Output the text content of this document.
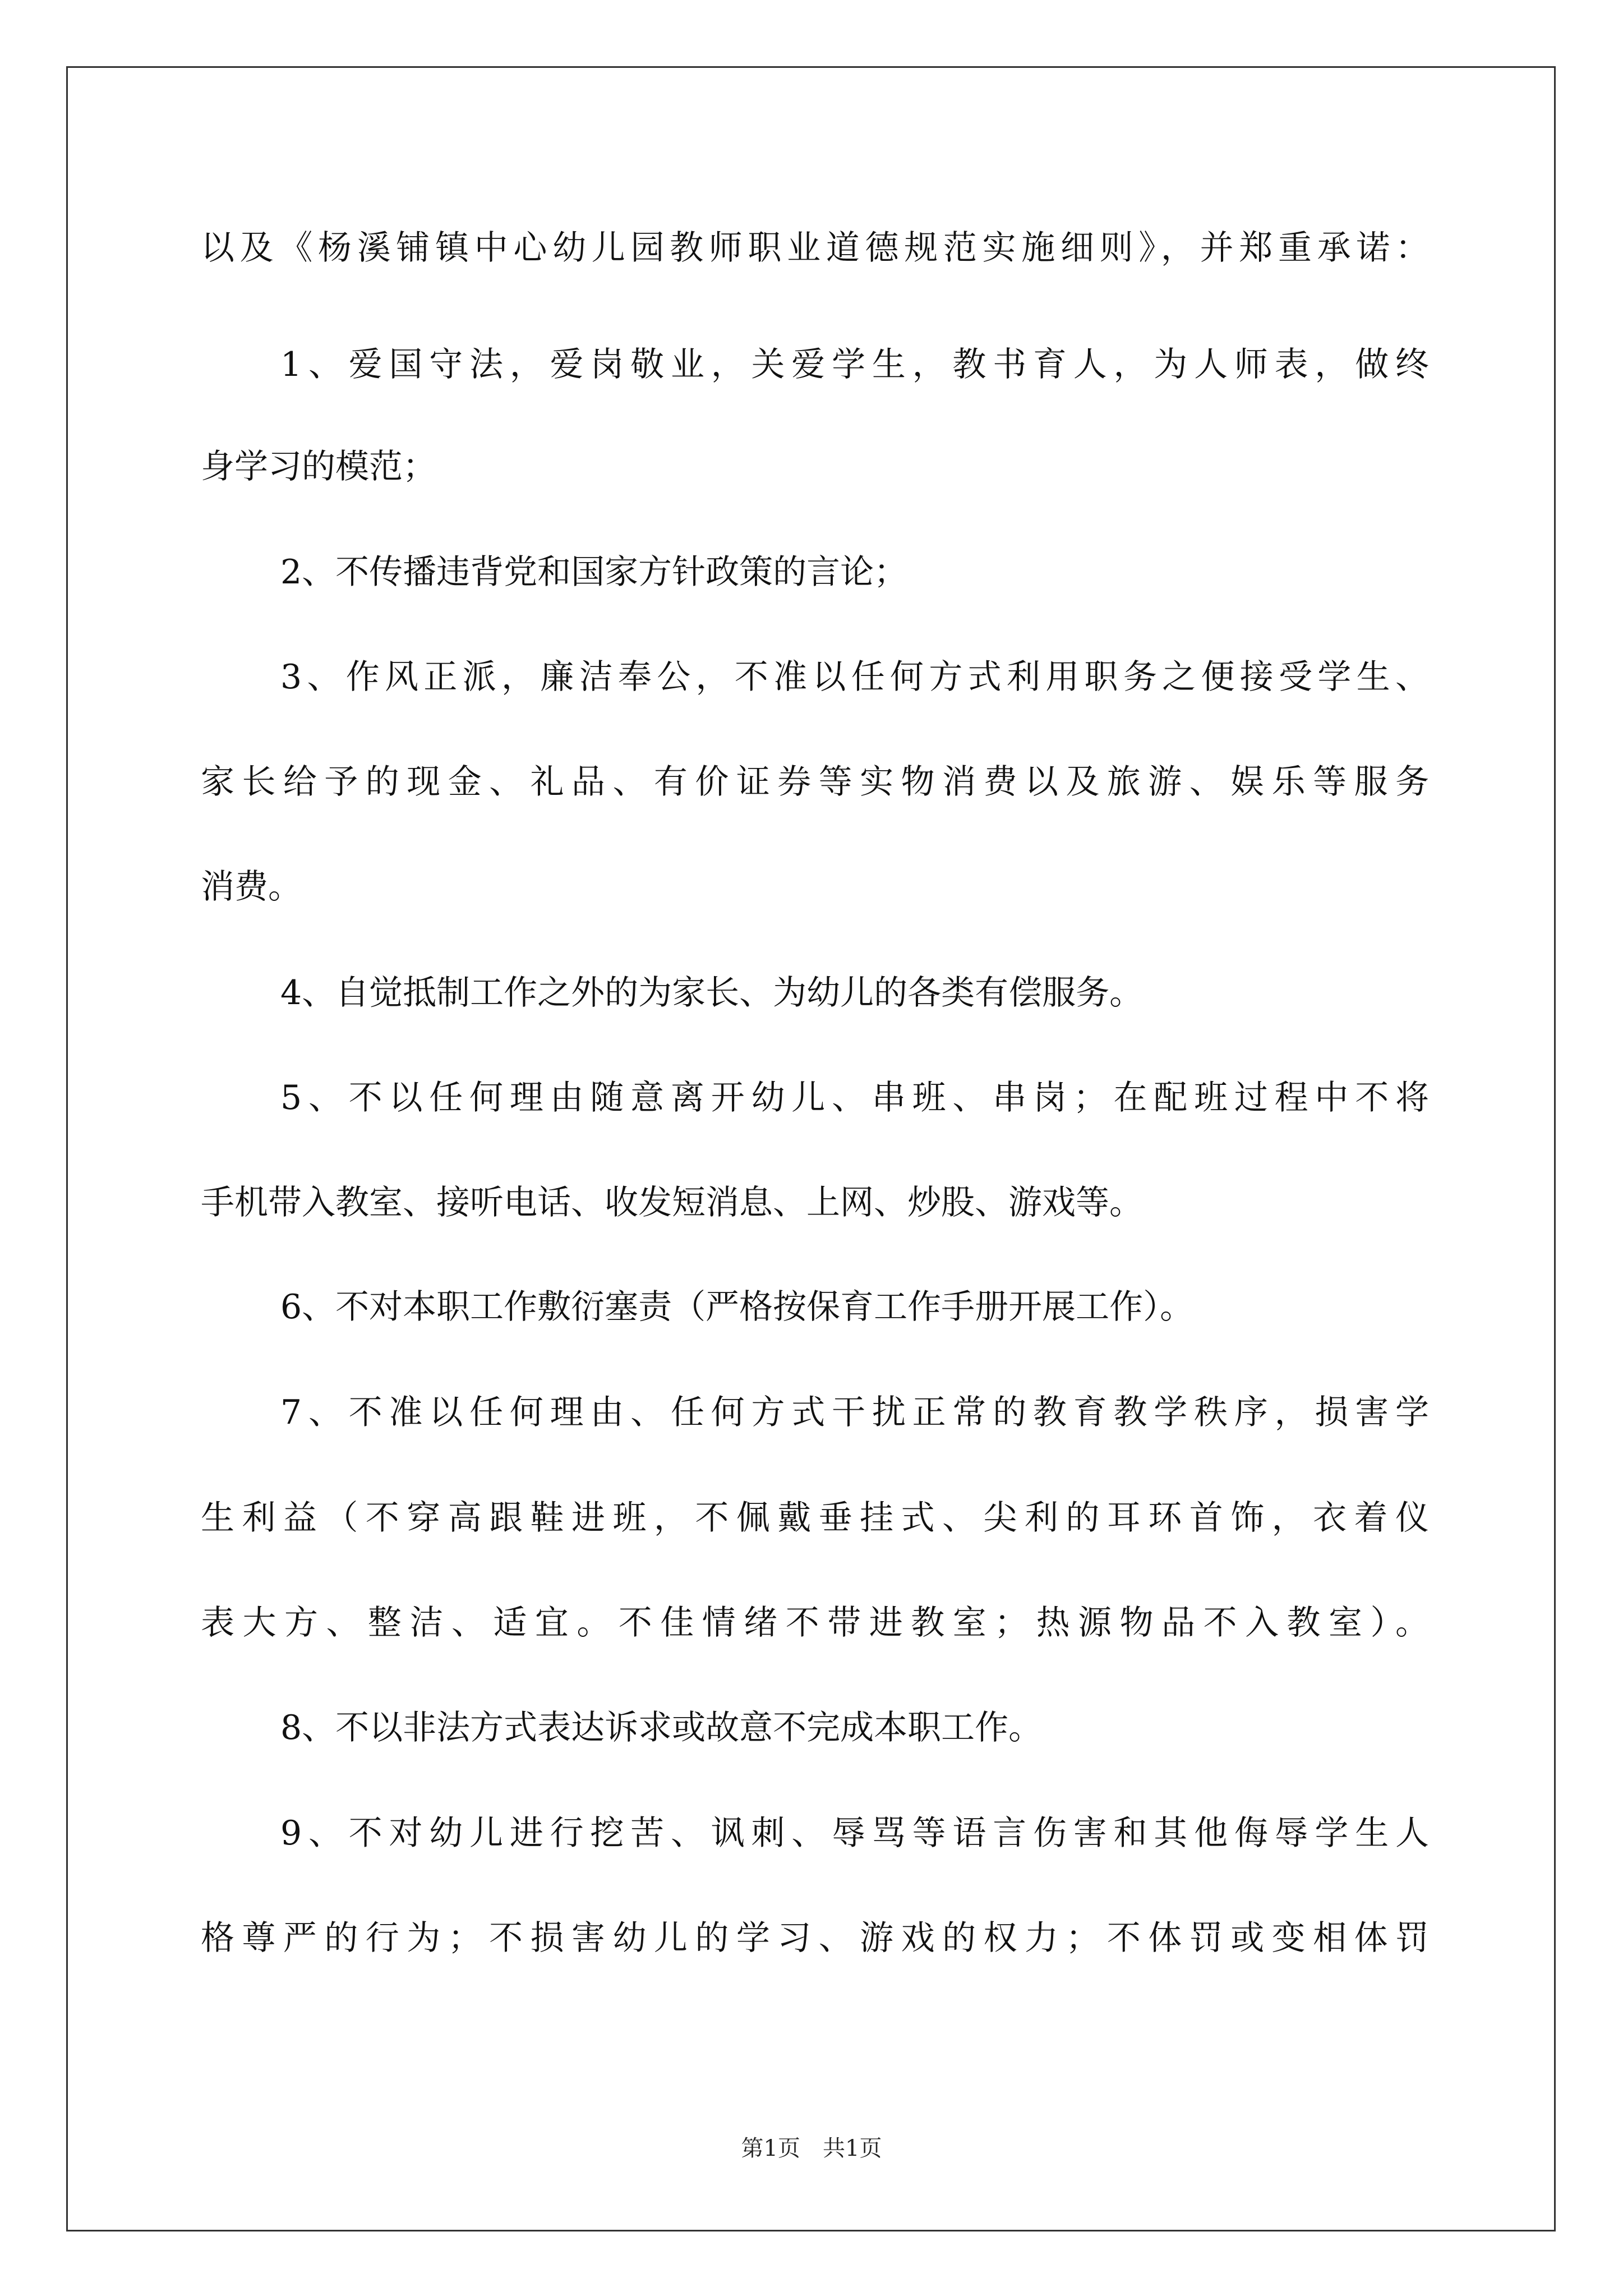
以及《杨溪铺镇中心幼儿园教师职业道德规范实施细则》，并郑重承诺：
1、爱国守法，爱岗敬业，关爱学生，教书育人，为人师表，做终
身学习的模范；
2、不传播违背党和国家方针政策的言论；
3、作风正派，廉洁奉公，不准以任何方式利用职务之便接受学生、
家长给予的现金、礼品、有价证券等实物消费以及旅游、娱乐等服务
消费。
4、自觉抵制工作之外的为家长、为幼儿的各类有偿服务。
5、不以任何理由随意离开幼儿、串班、串岗；在配班过程中不将
手机带入教室、接听电话、收发短消息、上网、炒股、游戏等。
6、不对本职工作敷衍塞责（严格按保育工作手册开展工作）。
7、不准以任何理由、任何方式干扰正常的教育教学秩序，损害学
生利益（不穿高跟鞋进班，不佩戴垂挂式、尖利的耳环首饰，衣着仪
表大方、整洁、适宜。不佳情绪不带进教室；热源物品不入教室）。
8、不以非法方式表达诉求或故意不完成本职工作。
9、不对幼儿进行挖苦、讽刺、辱骂等语言伤害和其他侮辱学生人
格尊严的行为；不损害幼儿的学习、游戏的权力；不体罚或变相体罚
第1页　共1页
